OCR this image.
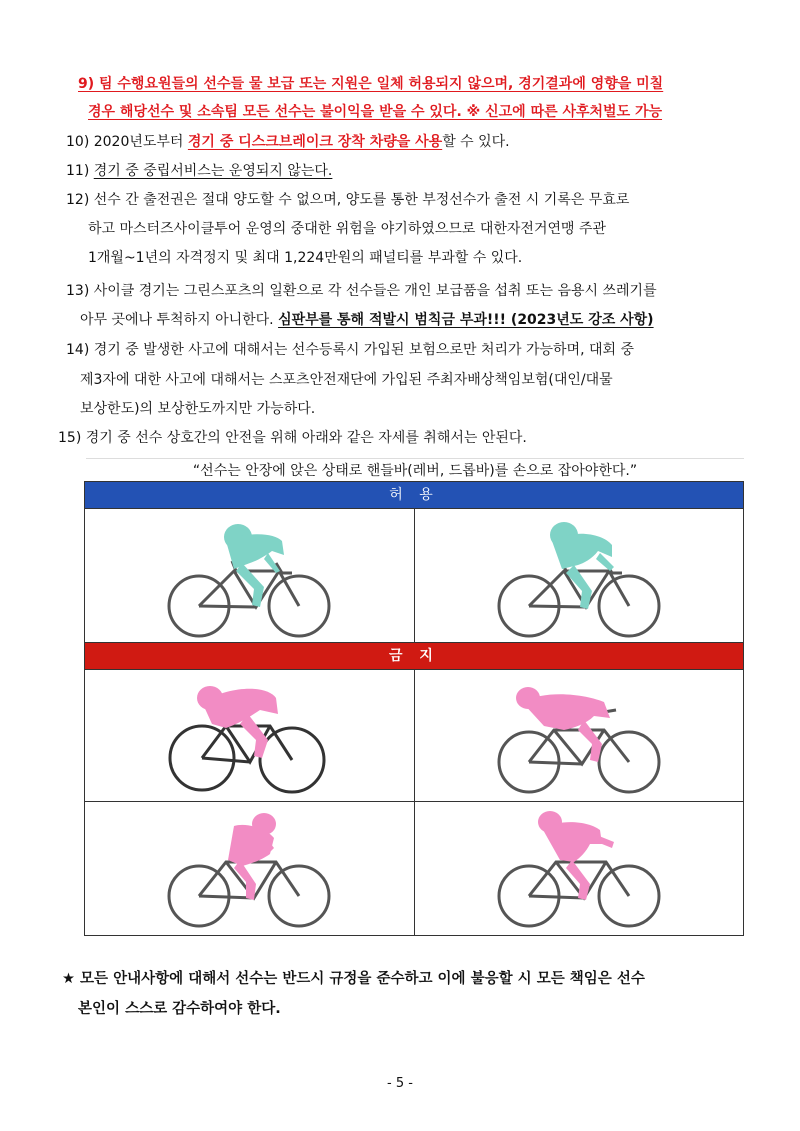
9) 팀 수행요원들의 선수들 물 보급 또는 지원은 일체 허용되지 않으며, 경기결과에 영향을 미칠
경우 해당선수 및 소속팀 모든 선수는 불이익을 받을 수 있다. ※ 신고에 따른 사후처벌도 가능
10) 2020년도부터 경기 중 디스크브레이크 장착 차량을 사용할 수 있다.
11) 경기 중 중립서비스는 운영되지 않는다.
12) 선수 간 출전권은 절대 양도할 수 없으며, 양도를 통한 부정선수가 출전 시 기록은 무효로
하고 마스터즈사이클투어 운영의 중대한 위험을 야기하였으므로 대한자전거연맹 주관
1개월~1년의 자격정지 및 최대 1,224만원의 패널티를 부과할 수 있다.
13) 사이클 경기는 그린스포츠의 일환으로 각 선수들은 개인 보급품을 섭취 또는 음용시 쓰레기를
아무 곳에나 투척하지 아니한다. 심판부를 통해 적발시 범칙금 부과!!! (2023년도 강조 사항)
14) 경기 중 발생한 사고에 대해서는 선수등록시 가입된 보험으로만 처리가 가능하며, 대회 중
제3자에 대한 사고에 대해서는 스포츠안전재단에 가입된 주최자배상책임보험(대인/대물
보상한도)의 보상한도까지만 가능하다.
15) 경기 중 선수 상호간의 안전을 위해 아래와 같은 자세를 취해서는 안된다.
“선수는 안장에 앉은 상태로 핸들바(레버, 드롭바)를 손으로 잡아야한다.”
허 용
금 지
★ 모든 안내사항에 대해서 선수는 반드시 규정을 준수하고 이에 불응할 시 모든 책임은 선수
본인이 스스로 감수하여야 한다.
- 5 -
